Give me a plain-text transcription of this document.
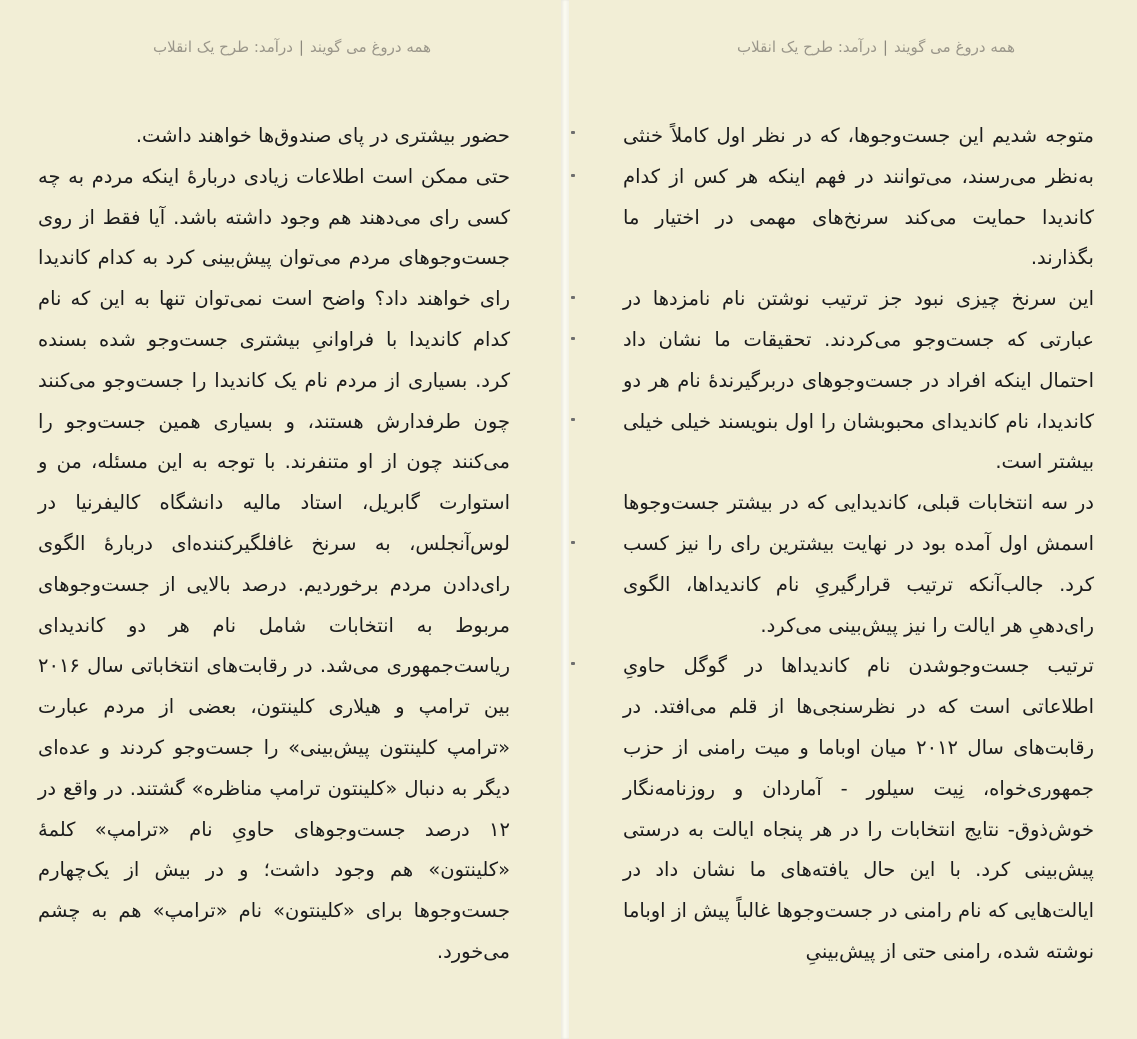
همه دروغ می گویند|درآمد: طرح یک انقلاب

حضور بیشتری در پای صندوق‌ها خواهند داشت.

حتی ممکن است اطلاعات زیادی دربارهٔ اینکه مردم به چه کسی رای می‌دهند هم وجود داشته باشد. آیا فقط از روی جست‌وجوهای مردم می‌توان پیش‌بینی کرد به کدام کاندیدا رای خواهند داد؟ واضح است نمی‌توان تنها به این که نام کدام کاندیدا با فراوانیِ بیشتری جست‌وجو شده بسنده کرد. بسیاری از مردم نام یک کاندیدا را جست‌وجو می‌کنند چون طرفدارش هستند، و بسیاری همین جست‌وجو را می‌کنند چون از او متنفرند. با توجه به این مسئله، من و استوارت گابریل، استاد مالیه دانشگاه کالیفرنیا در لوس‌آنجلس، به سرنخ غافلگیرکننده‌ای دربارهٔ الگوی رای‌دادن مردم برخوردیم. درصد بالایی از جست‌وجوهای مربوط به انتخابات شامل نام هر دو کاندیدای ریاست‌جمهوری می‌شد. در رقابت‌های انتخاباتی سال ۲۰۱۶ بین ترامپ و هیلاری کلینتون، بعضی از مردم عبارت «ترامپ کلینتون پیش‌بینی» را جست‌وجو کردند و عده‌ای دیگر به دنبال «کلینتون ترامپ مناظره» گشتند. در واقع در ۱۲ درصد جست‌وجوهای حاویِ نام «ترامپ» کلمهٔ «کلینتون» هم وجود داشت؛ و در بیش از یک‌چهارم جست‌وجوها برای «کلینتون» نام «ترامپ» هم به چشم می‌خورد.

همه دروغ می گویند|درآمد: طرح یک انقلاب

متوجه شدیم این جست‌وجوها، که در نظر اول کاملاً خنثی به‌نظر می‌رسند، می‌توانند در فهم اینکه هر کس از کدام کاندیدا حمایت می‌کند سرنخ‌های مهمی در اختیار ما بگذارند.

این سرنخ چیزی نبود جز ترتیب نوشتن نام نامزدها در عبارتی که جست‌وجو می‌کردند. تحقیقات ما نشان داد احتمال اینکه افراد در جست‌وجوهای دربرگیرندهٔ نام هر دو کاندیدا، نام کاندیدای محبوبشان را اول بنویسند خیلی خیلی بیشتر است.

در سه انتخابات قبلی، کاندیدایی که در بیشتر جست‌وجوها اسمش اول آمده بود در نهایت بیشترین رای را نیز کسب کرد. جالب‌آنکه ترتیب قرارگیریِ نام کاندیداها، الگوی رای‌دهیِ هر ایالت را نیز پیش‌بینی می‌کرد.

ترتیب جست‌وجوشدن نام کاندیداها در گوگل حاویِ اطلاعاتی است که در نظرسنجی‌ها از قلم می‌افتد. در رقابت‌های سال ۲۰۱۲ میان اوباما و میت رامنی از حزب جمهوری‌خواه، نِیت سیلور - آماردان و روزنامه‌نگار خوش‌ذوق- نتایج انتخابات را در هر پنجاه ایالت به درستی پیش‌بینی کرد. با این حال یافته‌های ما نشان داد در ایالت‌هایی که نام رامنی در جست‌وجوها غالباً پیش از اوباما نوشته شده، رامنی حتی از پیش‌بینیِ
